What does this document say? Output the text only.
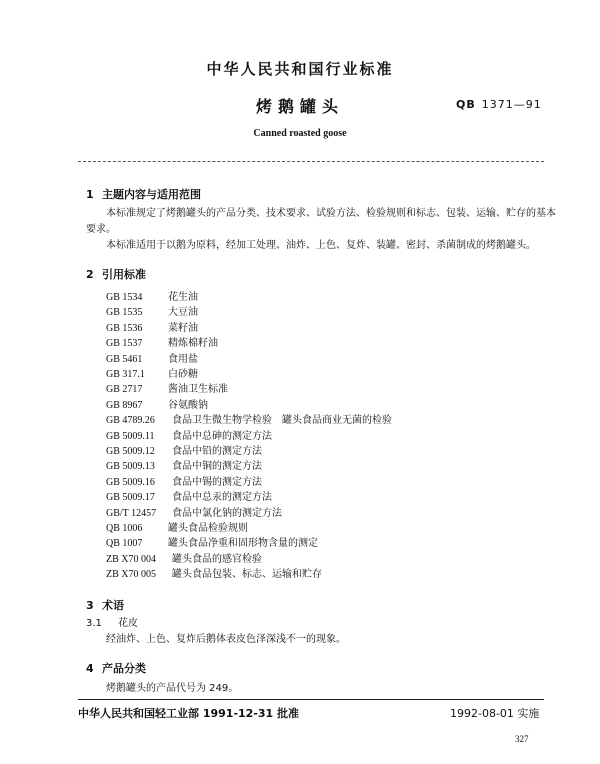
中华人民共和国行业标准
烤鹅罐头	QB 1371—91
Canned roasted goose
1 主题内容与适用范围
本标准规定了烤鹅罐头的产品分类、技术要求、试验方法、检验规则和标志、包装、运输、贮存的基本
要求。
本标准适用于以鹅为原料，经加工处理、油炸、上色、复炸、装罐、密封、杀菌制成的烤鹅罐头。
2 引用标准
GB 1534	花生油
GB 1535	大豆油
GB 1536	菜籽油
GB 1537	精炼棉籽油
GB 5461	食用盐
GB 317.1 白砂糖
GB 2717	酱油卫生标准
GB 8967	谷氨酸钠
GB 4789.26 食品卫生微生物学检验　罐头食品商业无菌的检验
GB 5009.11 食品中总砷的测定方法
GB 5009.12 食品中铅的测定方法
GB 5009.13 食品中铜的测定方法
GB 5009.16 食品中锡的测定方法
GB 5009.17 食品中总汞的测定方法
GB/T 12457 食品中氯化钠的测定方法
QB 1006	罐头食品检验规则
QB 1007	罐头食品净重和固形物含量的测定
ZB X70 004 罐头食品的感官检验
ZB X70 005 罐头食品包装、标志、运输和贮存
3 术语
3.1 花皮
经油炸、上色、复炸后鹅体表皮色泽深浅不一的现象。
4 产品分类
烤鹅罐头的产品代号为 249。
中华人民共和国轻工业部 1991-12-31 批准	1992-08-01 实施
327
